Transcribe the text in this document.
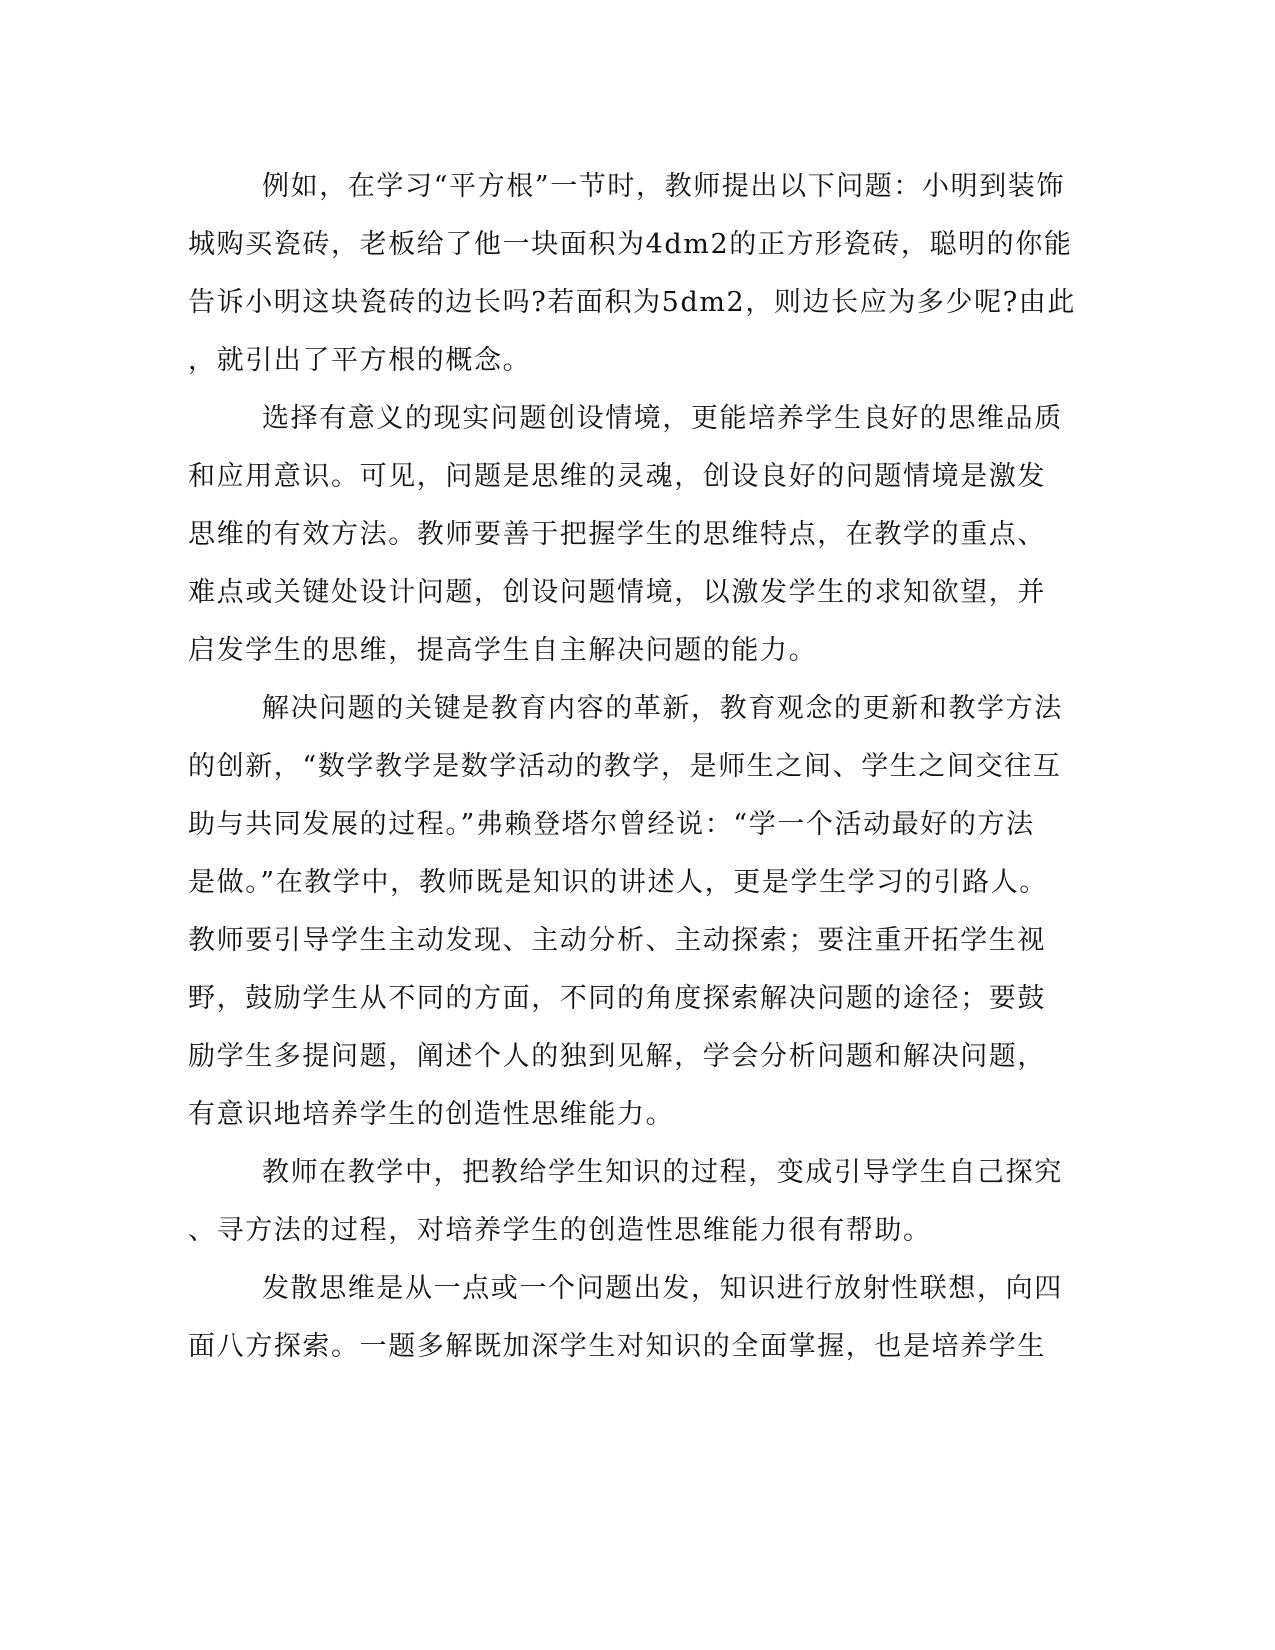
例如，在学习“平方根”一节时，教师提出以下问题：小明到装饰
城购买瓷砖，老板给了他一块面积为4dm2的正方形瓷砖，聪明的你能
告诉小明这块瓷砖的边长吗?若面积为5dm2，则边长应为多少呢?由此
，就引出了平方根的概念。
选择有意义的现实问题创设情境，更能培养学生良好的思维品质
和应用意识。可见，问题是思维的灵魂，创设良好的问题情境是激发
思维的有效方法。教师要善于把握学生的思维特点，在教学的重点、
难点或关键处设计问题，创设问题情境，以激发学生的求知欲望，并
启发学生的思维，提高学生自主解决问题的能力。
解决问题的关键是教育内容的革新，教育观念的更新和教学方法
的创新，“数学教学是数学活动的教学，是师生之间、学生之间交往互
助与共同发展的过程。”弗赖登塔尔曾经说：“学一个活动最好的方法
是做。”在教学中，教师既是知识的讲述人，更是学生学习的引路人。
教师要引导学生主动发现、主动分析、主动探索；要注重开拓学生视
野，鼓励学生从不同的方面，不同的角度探索解决问题的途径；要鼓
励学生多提问题，阐述个人的独到见解，学会分析问题和解决问题，
有意识地培养学生的创造性思维能力。
教师在教学中，把教给学生知识的过程，变成引导学生自己探究
、寻方法的过程，对培养学生的创造性思维能力很有帮助。
发散思维是从一点或一个问题出发，知识进行放射性联想，向四
面八方探索。一题多解既加深学生对知识的全面掌握，也是培养学生
